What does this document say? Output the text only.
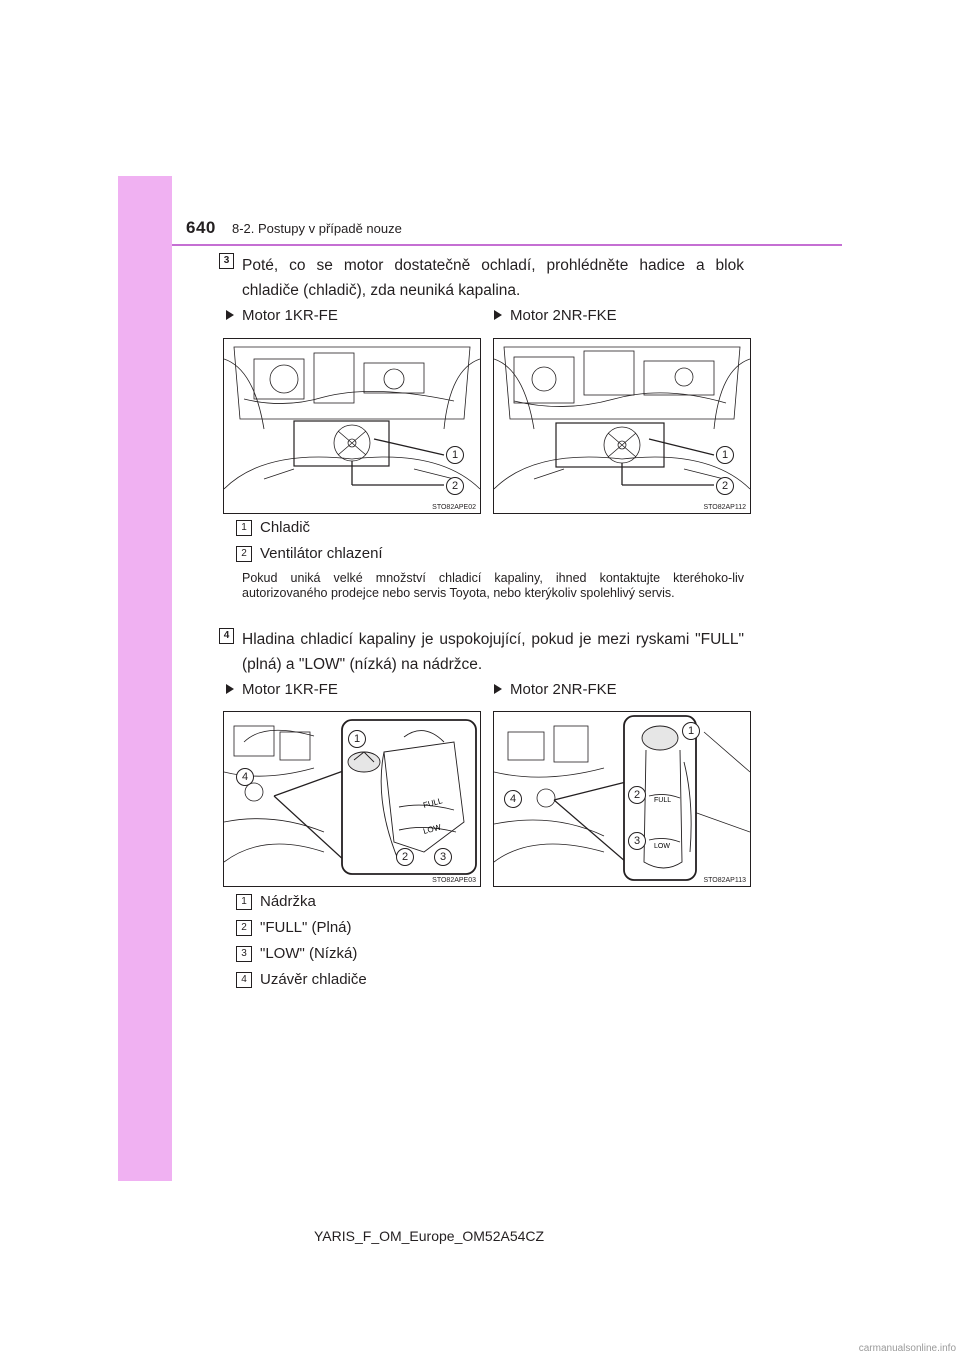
640 8-2. Postupy v případě nouze
3 Poté, co se motor dostatečně ochladí, prohlédněte hadice a blok chladiče (chladič), zda neuniká kapalina.
Motor 1KR-FE	Motor 2NR-FKE
1
2
STO82APE02
1
2
STO82AP112
1 Chladič
2 Ventilátor chlazení
Pokud uniká velké množství chladicí kapaliny, ihned kontaktujte kteréhoko-liv autorizovaného prodejce nebo servis Toyota, nebo kterýkoliv spolehlivý servis.
4 Hladina chladicí kapaliny je uspokojující, pokud je mezi ryskami "FULL" (plná) a "LOW" (nízká) na nádržce.
Motor 1KR-FE	Motor 2NR-FKE
FULL
LOW
1
4
2	3
STO82APE03
FULL
LOW
1
4	2
3
STO82AP113
1 Nádržka
2 "FULL" (Plná)
3 "LOW" (Nízká)
4 Uzávěr chladiče
YARIS_F_OM_Europe_OM52A54CZ
carmanualsonline.info
